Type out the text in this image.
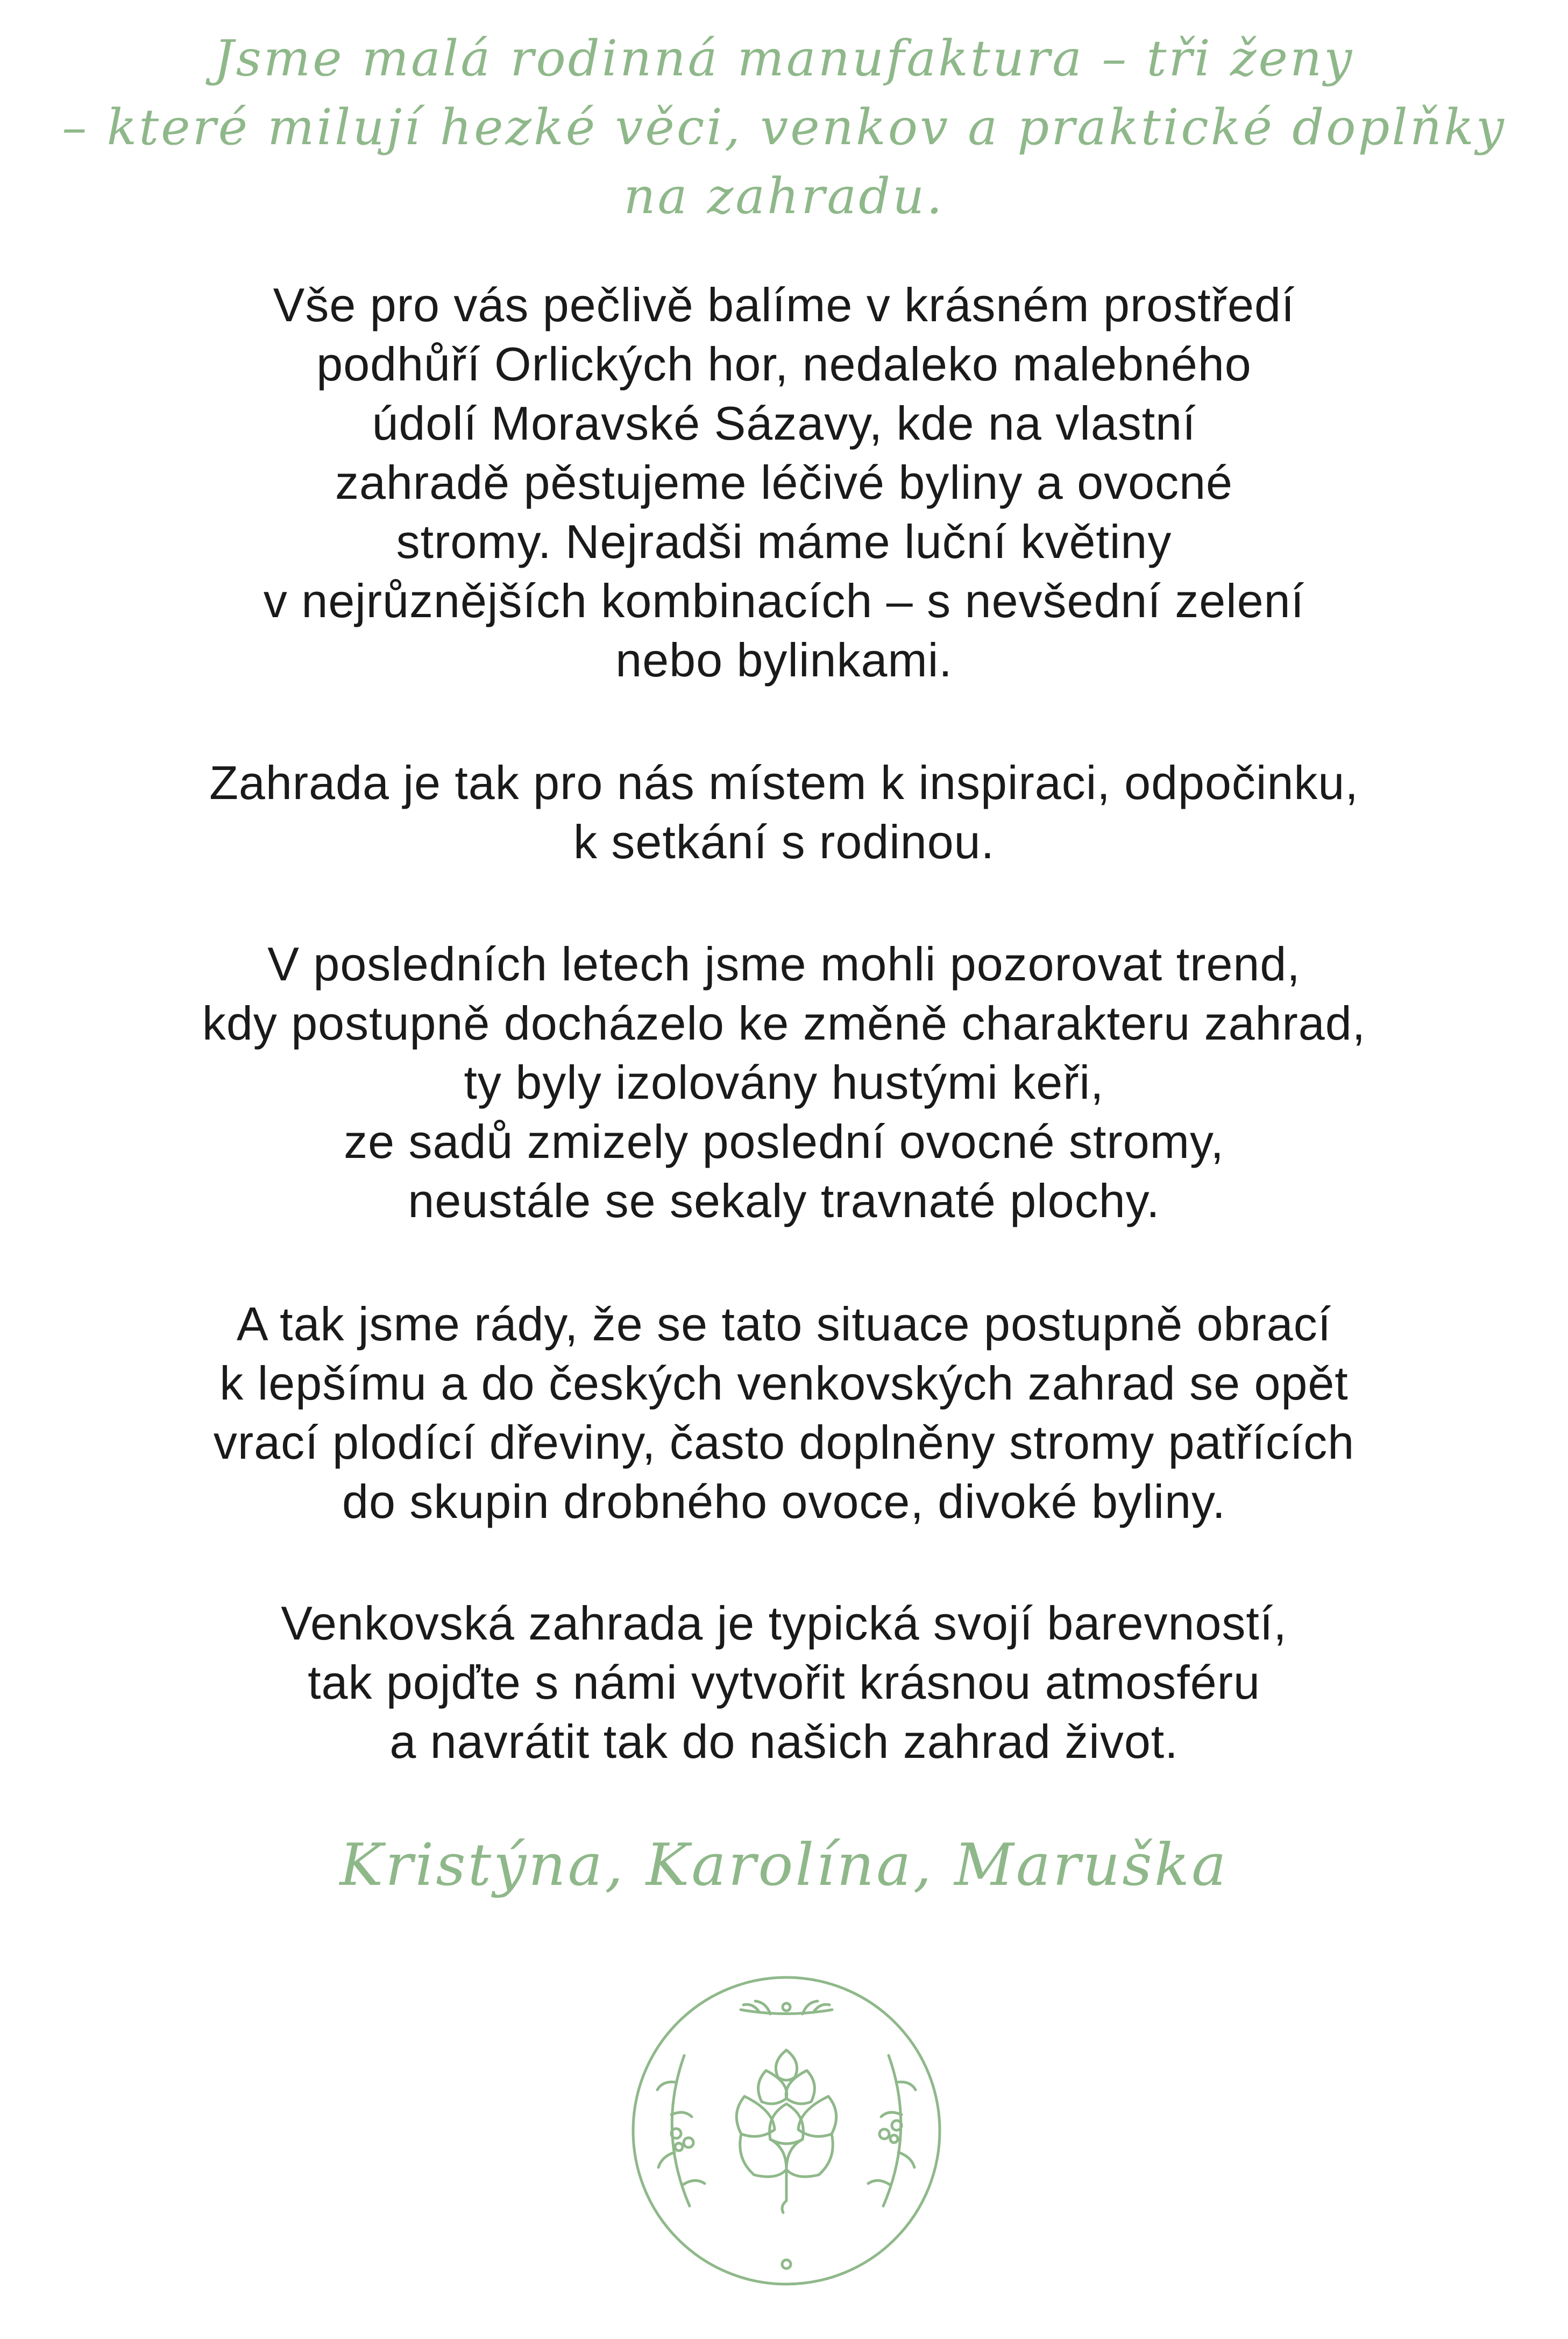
Jsme malá rodinná manufaktura – tři ženy
– které milují hezké věci, venkov a praktické doplňky
na zahradu.
Vše pro vás pečlivě balíme v krásném prostředí
podhůří Orlických hor, nedaleko malebného
údolí Moravské Sázavy, kde na vlastní
zahradě pěstujeme léčivé byliny a ovocné
stromy. Nejradši máme luční květiny
v nejrůznějších kombinacích – s nevšední zelení
nebo bylinkami.
Zahrada je tak pro nás místem k inspiraci, odpočinku,
k setkání s rodinou.
V posledních letech jsme mohli pozorovat trend,
kdy postupně docházelo ke změně charakteru zahrad,
ty byly izolovány hustými keři,
ze sadů zmizely poslední ovocné stromy,
neustále se sekaly travnaté plochy.
A tak jsme rády, že se tato situace postupně obrací
k lepšímu a do českých venkovských zahrad se opět
vrací plodící dřeviny, často doplněny stromy patřících
do skupin drobného ovoce, divoké byliny.
Venkovská zahrada je typická svojí barevností,
tak pojďte s námi vytvořit krásnou atmosféru
a navrátit tak do našich zahrad život.
Kristýna, Karolína, Maruška
